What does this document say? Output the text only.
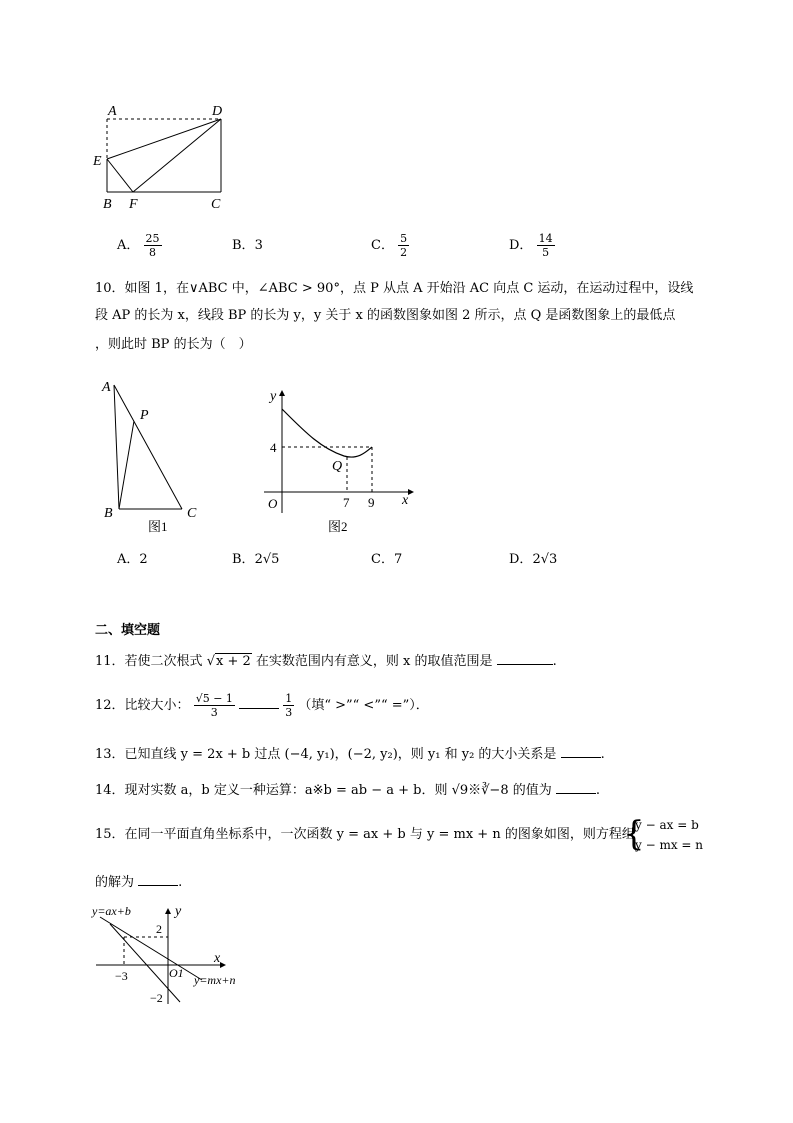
A	D
E
B F	C
A． $\frac{25}{8}$	B．3	C． $\frac{5}{2}$	D． $\frac{14}{5}$
10．如图 1，在∨ABC 中，∠ABC > 90°，点 P 从点 A 开始沿 AC 向点 C 运动，在运动过程中，设线
段 AP 的长为 x，线段 BP 的长为 y，y 关于 x 的函数图象如图 2 所示，点 Q 是函数图象上的最低点
，则此时 BP 的长为（　）
A
P
B	C
图1
y
x
O
4
Q
7 9
图2
A．2	B．2√5	C．7	D．2√3
二、填空题
11．若使二次根式 √x + 2 在实数范围内有意义，则 x 的取值范围是	.
12．比较大小： $\frac{√5 - 1}{3}$
	$\frac{1}{3}$ （填“ >”“ <”“ =”）．
13．已知直线 y = 2x + b 过点 (−4, y₁)，(−2, y₂)，则 y₁ 和 y₂ 的大小关系是	.
14．现对实数 a，b 定义一种运算：a※b = ab − a + b．则 √9※∛−8 的值为	.
15．在同一平面直角坐标系中，一次函数 y = ax + b 与 y = mx + n 的图象如图，则方程组
{
y − ax = b
y − mx = n
的解为	.
y=ax+b	y
2
x
−3	O1 y=mx+n
−2
